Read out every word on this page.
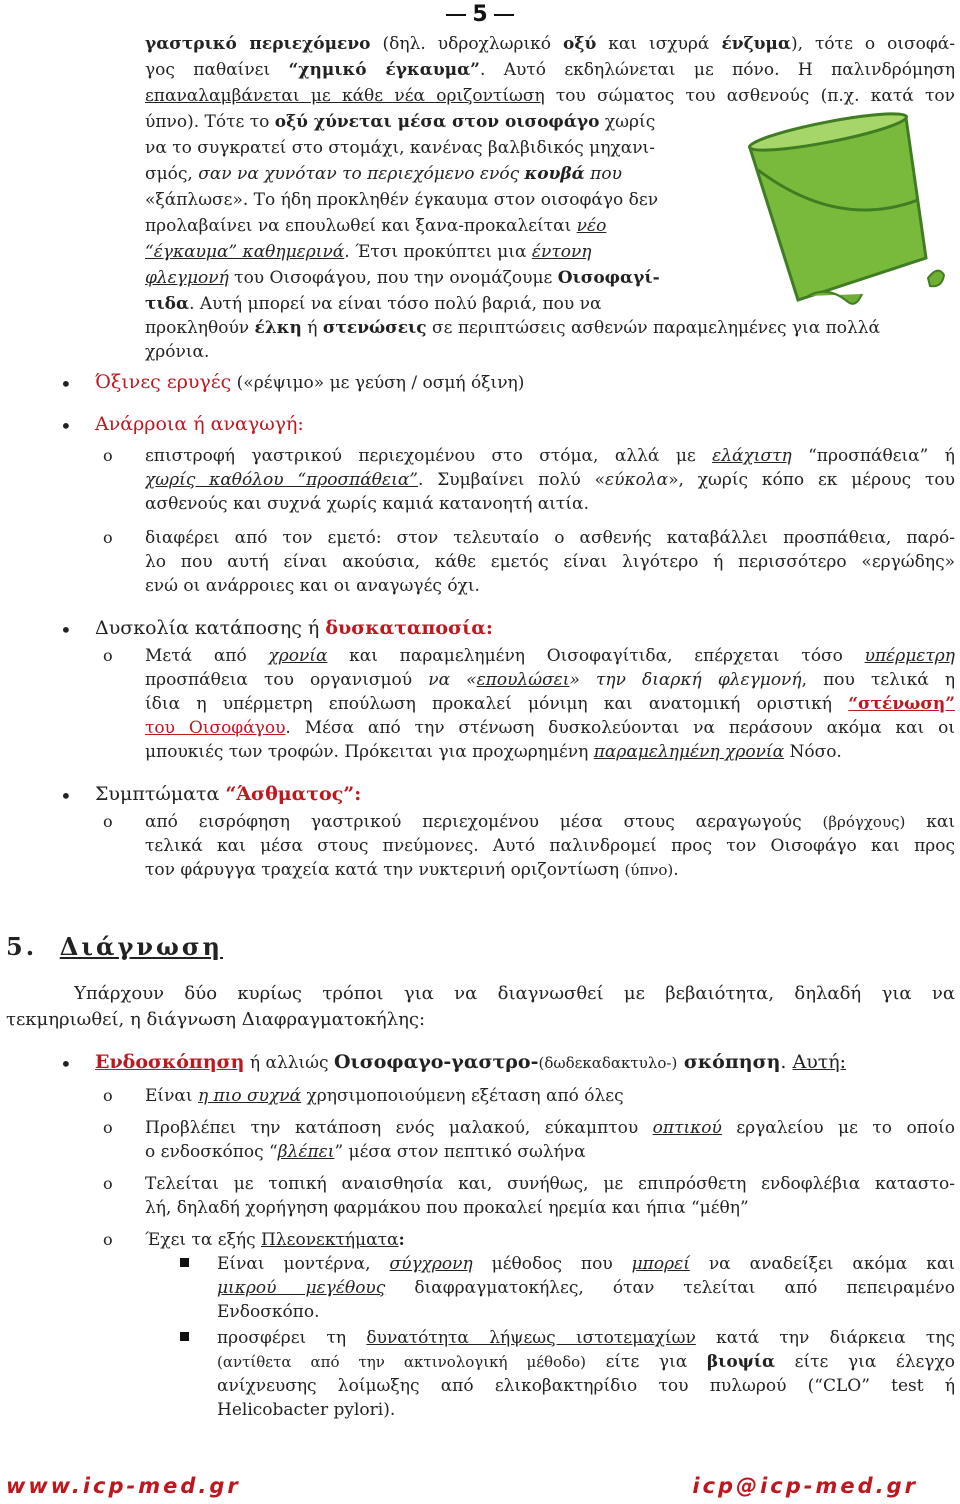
5
γαστρικό περιεχόμενο (δηλ. υδροχλωρικό οξύ και ισχυρά ένζυμα), τότε ο οισοφά-
γος παθαίνει “χημικό έγκαυμα”. Αυτό εκδηλώνεται με πόνο. Η παλινδρόμηση
επαναλαμβάνεται με κάθε νέα οριζοντίωση του σώματος του ασθενούς (π.χ. κατά τον
ύπνο). Τότε το οξύ χύνεται μέσα στον οισοφάγο χωρίς
να το συγκρατεί στο στομάχι, κανένας βαλβιδικός μηχανι-
σμός, σαν να χυνόταν το περιεχόμενο ενός κουβά που
«ξάπλωσε». Το ήδη προκληθέν έγκαυμα στον οισοφάγο δεν
προλαβαίνει να επουλωθεί και ξανα-προκαλείται νέο
“έγκαυμα” καθημερινά. Έτσι προκύπτει μια έντονη
φλεγμονή του Οισοφάγου, που την ονομάζουμε Οισοφαγί-
τιδα. Αυτή μπορεί να είναι τόσο πολύ βαριά, που να
προκληθούν έλκη ή στενώσεις σε περιπτώσεις ασθενών παραμελημένες για πολλά
χρόνια.
• Όξινες ερυγές («ρέψιμο» με γεύση / οσμή όξινη)
• Ανάρροια ή αναγωγή:
o επιστροφή γαστρικού περιεχομένου στο στόμα, αλλά με ελάχιστη “προσπάθεια” ή
χωρίς καθόλου “προσπάθεια”. Συμβαίνει πολύ «εύκολα», χωρίς κόπο εκ μέρους του
ασθενούς και συχνά χωρίς καμιά κατανοητή αιτία.
o διαφέρει από τον εμετό: στον τελευταίο ο ασθενής καταβάλλει προσπάθεια, παρό-
λο που αυτή είναι ακούσια, κάθε εμετός είναι λιγότερο ή περισσότερο «εργώδης»
ενώ οι ανάρροιες και οι αναγωγές όχι.
• Δυσκολία κατάποσης ή δυσκαταποσία:
o Μετά από χρονία και παραμελημένη Οισοφαγίτιδα, επέρχεται τόσο υπέρμετρη
προσπάθεια του οργανισμού να «επουλώσει» την διαρκή φλεγμονή, που τελικά η
ίδια η υπέρμετρη επούλωση προκαλεί μόνιμη και ανατομική οριστική “στένωση”
του Οισοφάγου. Μέσα από την στένωση δυσκολεύονται να περάσουν ακόμα και οι
μπουκιές των τροφών. Πρόκειται για προχωρημένη παραμελημένη χρονία Νόσο.
• Συμπτώματα “Άσθματος”:
o από εισρόφηση γαστρικού περιεχομένου μέσα στους αεραγωγούς (βρόγχους) και
τελικά και μέσα στους πνεύμονες. Αυτό παλινδρομεί προς τον Οισοφάγο και προς
τον φάρυγγα τραχεία κατά την νυκτερινή οριζοντίωση (ύπνο).
5. Διάγνωση
Υπάρχουν δύο κυρίως τρόποι για να διαγνωσθεί με βεβαιότητα, δηλαδή για να
τεκμηριωθεί, η διάγνωση Διαφραγματοκήλης:
• Ενδοσκόπηση ή αλλιώς Οισοφαγο-γαστρο-(δωδεκαδακτυλο-) σκόπηση. Αυτή:
o Είναι η πιο συχνά χρησιμοποιούμενη εξέταση από όλες
o Προβλέπει την κατάποση ενός μαλακού, εύκαμπτου οπτικού εργαλείου με το οποίο
ο ενδοσκόπος “βλέπει” μέσα στον πεπτικό σωλήνα
o Τελείται με τοπική αναισθησία και, συνήθως, με επιπρόσθετη ενδοφλέβια καταστο-
λή, δηλαδή χορήγηση φαρμάκου που προκαλεί ηρεμία και ήπια “μέθη”
o Έχει τα εξής Πλεονεκτήματα:
Είναι μοντέρνα, σύγχρονη μέθοδος που μπορεί να αναδείξει ακόμα και
μικρού μεγέθους διαφραγματοκήλες, όταν τελείται από πεπειραμένο
Ενδοσκόπο.
προσφέρει τη δυνατότητα λήψεως ιστοτεμαχίων κατά την διάρκεια της
(αντίθετα από την ακτινολογική μέθοδο) είτε για βιοψία είτε για έλεγχο
ανίχνευσης λοίμωξης από ελικοβακτηρίδιο του πυλωρού (“CLO” test ή
Helicobacter pylori).
www.icp-med.gr	icp@icp-med.gr
